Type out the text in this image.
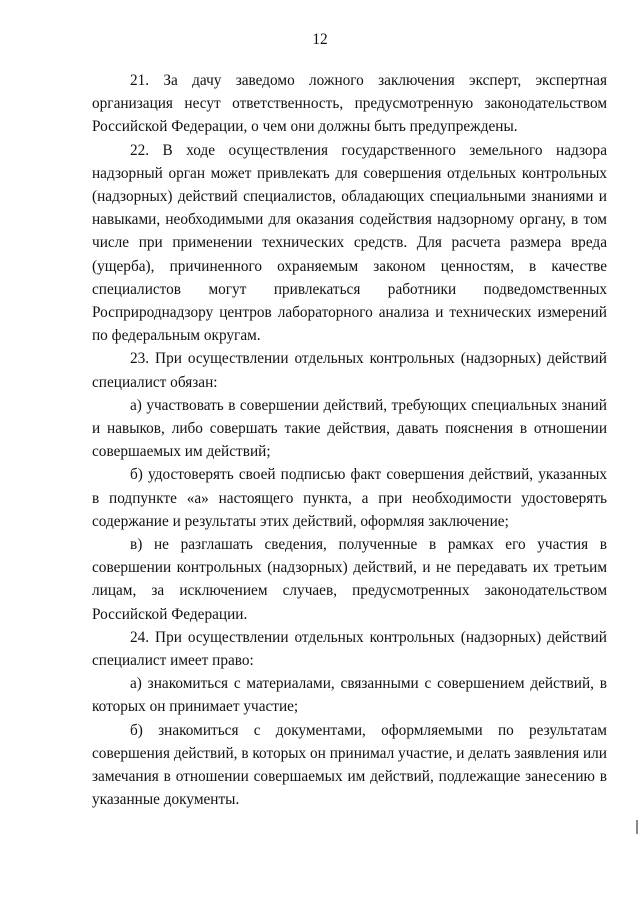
12

21. За дачу заведомо ложного заключения эксперт, экспертная организация несут ответственность, предусмотренную законодательством Российской Федерации, о чем они должны быть предупреждены.

22. В ходе осуществления государственного земельного надзора надзорный орган может привлекать для совершения отдельных контрольных (надзорных) действий специалистов, обладающих специальными знаниями и навыками, необходимыми для оказания содействия надзорному органу, в том числе при применении технических средств. Для расчета размера вреда (ущерба), причиненного охраняемым законом ценностям, в качестве специалистов могут привлекаться работники подведомственных Росприроднадзору центров лабораторного анализа и технических измерений по федеральным округам.

23. При осуществлении отдельных контрольных (надзорных) действий специалист обязан:

а) участвовать в совершении действий, требующих специальных знаний и навыков, либо совершать такие действия, давать пояснения в отношении совершаемых им действий;

б) удостоверять своей подписью факт совершения действий, указанных в подпункте «а» настоящего пункта, а при необходимости удостоверять содержание и результаты этих действий, оформляя заключение;

в) не разглашать сведения, полученные в рамках его участия в совершении контрольных (надзорных) действий, и не передавать их третьим лицам, за исключением случаев, предусмотренных законодательством Российской Федерации.

24. При осуществлении отдельных контрольных (надзорных) действий специалист имеет право:

а) знакомиться с материалами, связанными с совершением действий, в которых он принимает участие;

б) знакомиться с документами, оформляемыми по результатам совершения действий, в которых он принимал участие, и делать заявления или замечания в отношении совершаемых им действий, подлежащие занесению в указанные документы.
